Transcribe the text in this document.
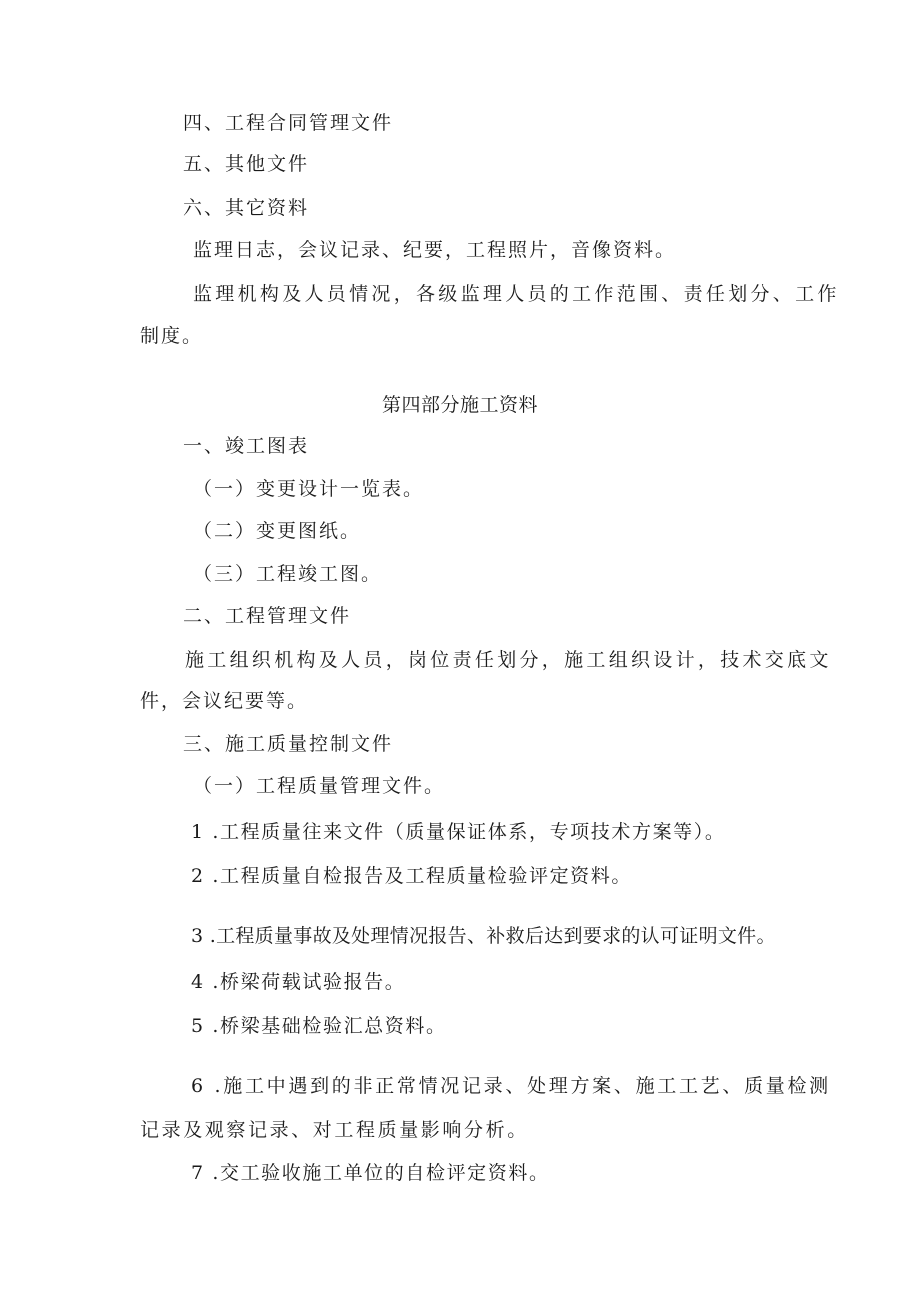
四、工程合同管理文件
五、其他文件
六、其它资料
监理日志，会议记录、纪要，工程照片，音像资料。
监理机构及人员情况，各级监理人员的工作范围、责任划分、工作
制度。
第四部分施工资料
一、竣工图表
（一）变更设计一览表。
（二）变更图纸。
（三）工程竣工图。
二、工程管理文件
施工组织机构及人员，岗位责任划分，施工组织设计，技术交底文
件，会议纪要等。
三、施工质量控制文件
（一）工程质量管理文件。
1 .工程质量往来文件（质量保证体系，专项技术方案等）。
2 .工程质量自检报告及工程质量检验评定资料。
3 .工程质量事故及处理情况报告、补救后达到要求的认可证明文件。
4 .桥梁荷载试验报告。
5 .桥梁基础检验汇总资料。
6 .施工中遇到的非正常情况记录、处理方案、施工工艺、质量检测
记录及观察记录、对工程质量影响分析。
7 .交工验收施工单位的自检评定资料。
